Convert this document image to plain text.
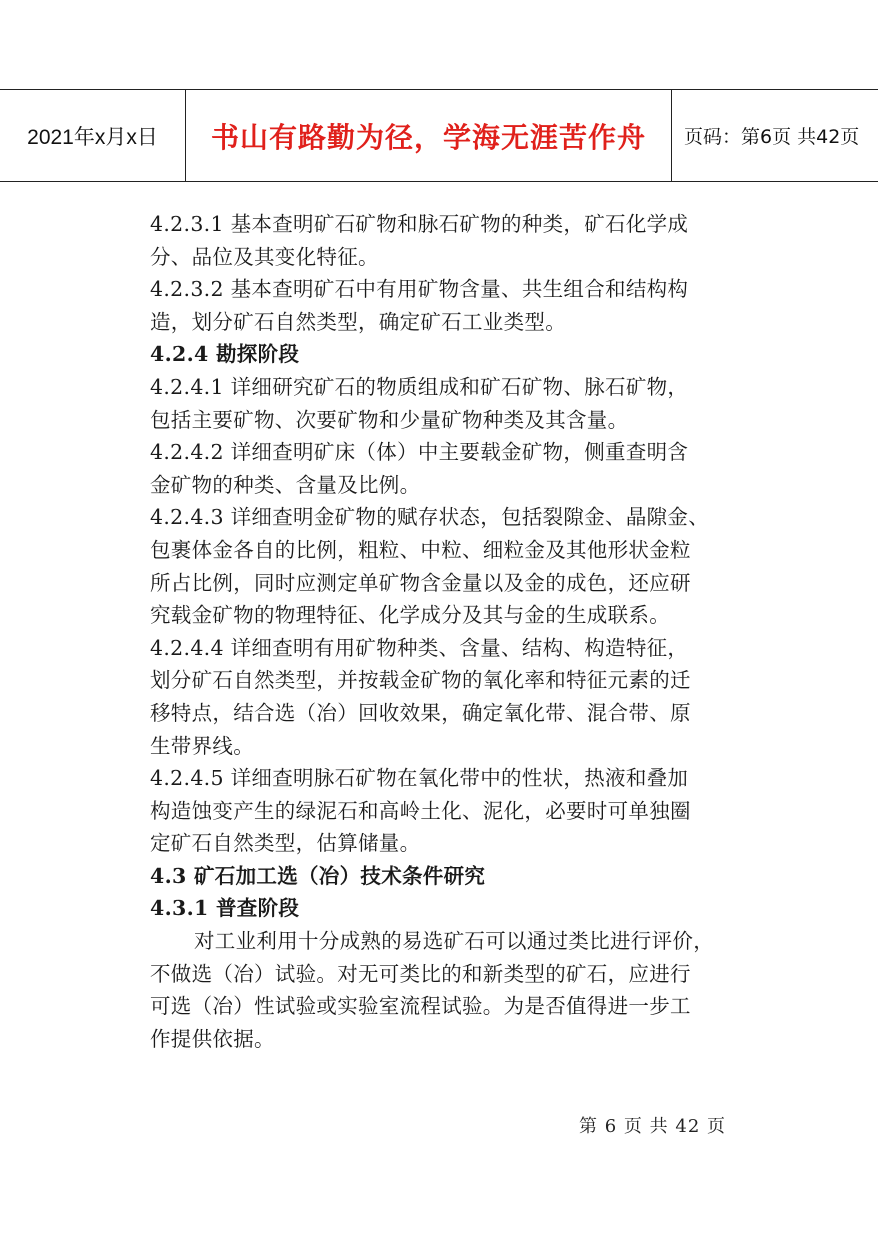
2021年x月x日	书山有路勤为径，学海无涯苦作舟	页码：第6页 共42页
4.2.3.1 基本查明矿石矿物和脉石矿物的种类，矿石化学成
分、品位及其变化特征。
4.2.3.2 基本查明矿石中有用矿物含量、共生组合和结构构
造，划分矿石自然类型，确定矿石工业类型。
4.2.4 勘探阶段
4.2.4.1 详细研究矿石的物质组成和矿石矿物、脉石矿物，
包括主要矿物、次要矿物和少量矿物种类及其含量。
4.2.4.2 详细查明矿床（体）中主要载金矿物，侧重查明含
金矿物的种类、含量及比例。
4.2.4.3 详细查明金矿物的赋存状态，包括裂隙金、晶隙金、
包裹体金各自的比例，粗粒、中粒、细粒金及其他形状金粒
所占比例，同时应测定单矿物含金量以及金的成色，还应研
究载金矿物的物理特征、化学成分及其与金的生成联系。
4.2.4.4 详细查明有用矿物种类、含量、结构、构造特征，
划分矿石自然类型，并按载金矿物的氧化率和特征元素的迁
移特点，结合选（冶）回收效果，确定氧化带、混合带、原
生带界线。
4.2.4.5 详细查明脉石矿物在氧化带中的性状，热液和叠加
构造蚀变产生的绿泥石和高岭土化、泥化，必要时可单独圈
定矿石自然类型，估算储量。
4.3 矿石加工选（冶）技术条件研究
4.3.1 普查阶段
对工业利用十分成熟的易选矿石可以通过类比进行评价，
不做选（冶）试验。对无可类比的和新类型的矿石，应进行
可选（冶）性试验或实验室流程试验。为是否值得进一步工
作提供依据。
第 6 页 共 42 页
